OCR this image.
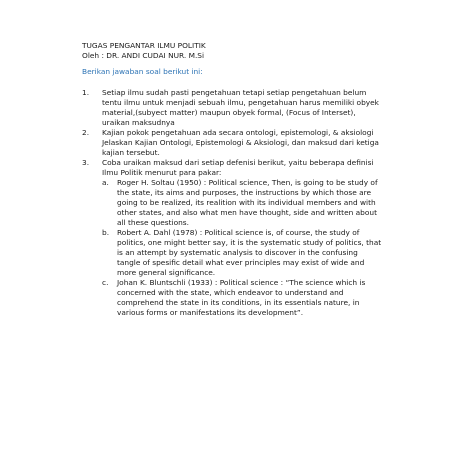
TUGAS PENGANTAR ILMU POLITIK
Oleh : DR. ANDI CUDAI NUR. M.Si
Berikan jawaban soal berikut ini:
1. Setiap ilmu sudah pasti pengetahuan tetapi setiap pengetahuan belum tentu ilmu untuk menjadi sebuah ilmu, pengetahuan harus memiliki obyek material,(subyect matter) maupun obyek formal, (Focus of Interset), uraikan maksudnya
2. Kajian pokok pengetahuan ada secara ontologi, epistemologi, & aksiologi Jelaskan Kajian Ontologi, Epistemologi & Aksiologi, dan maksud dari ketiga kajian tersebut.
3. Coba uraikan maksud dari setiap defenisi berikut, yaitu beberapa definisi Ilmu Politik menurut para pakar:
a. Roger H. Soltau (1950) : Political science, Then, is going to be study of the state, its aims and purposes, the instructions by which those are going to be realized, its realition with its individual members and with other states, and also what men have thought, side and written about all these questions.
b. Robert A. Dahl (1978) : Political science is, of course, the study of politics, one might better say, it is the systematic study of politics, that is an attempt by systematic analysis to discover in the confusing tangle of spesific detail what ever principles may exist of wide and more general significance.
c. Johan K. Bluntschli (1933) : Political science : “The science which is concerned with the state, which endeavor to understand and comprehend the state in its conditions, in its essentials nature, in various forms or manifestations its development”.
